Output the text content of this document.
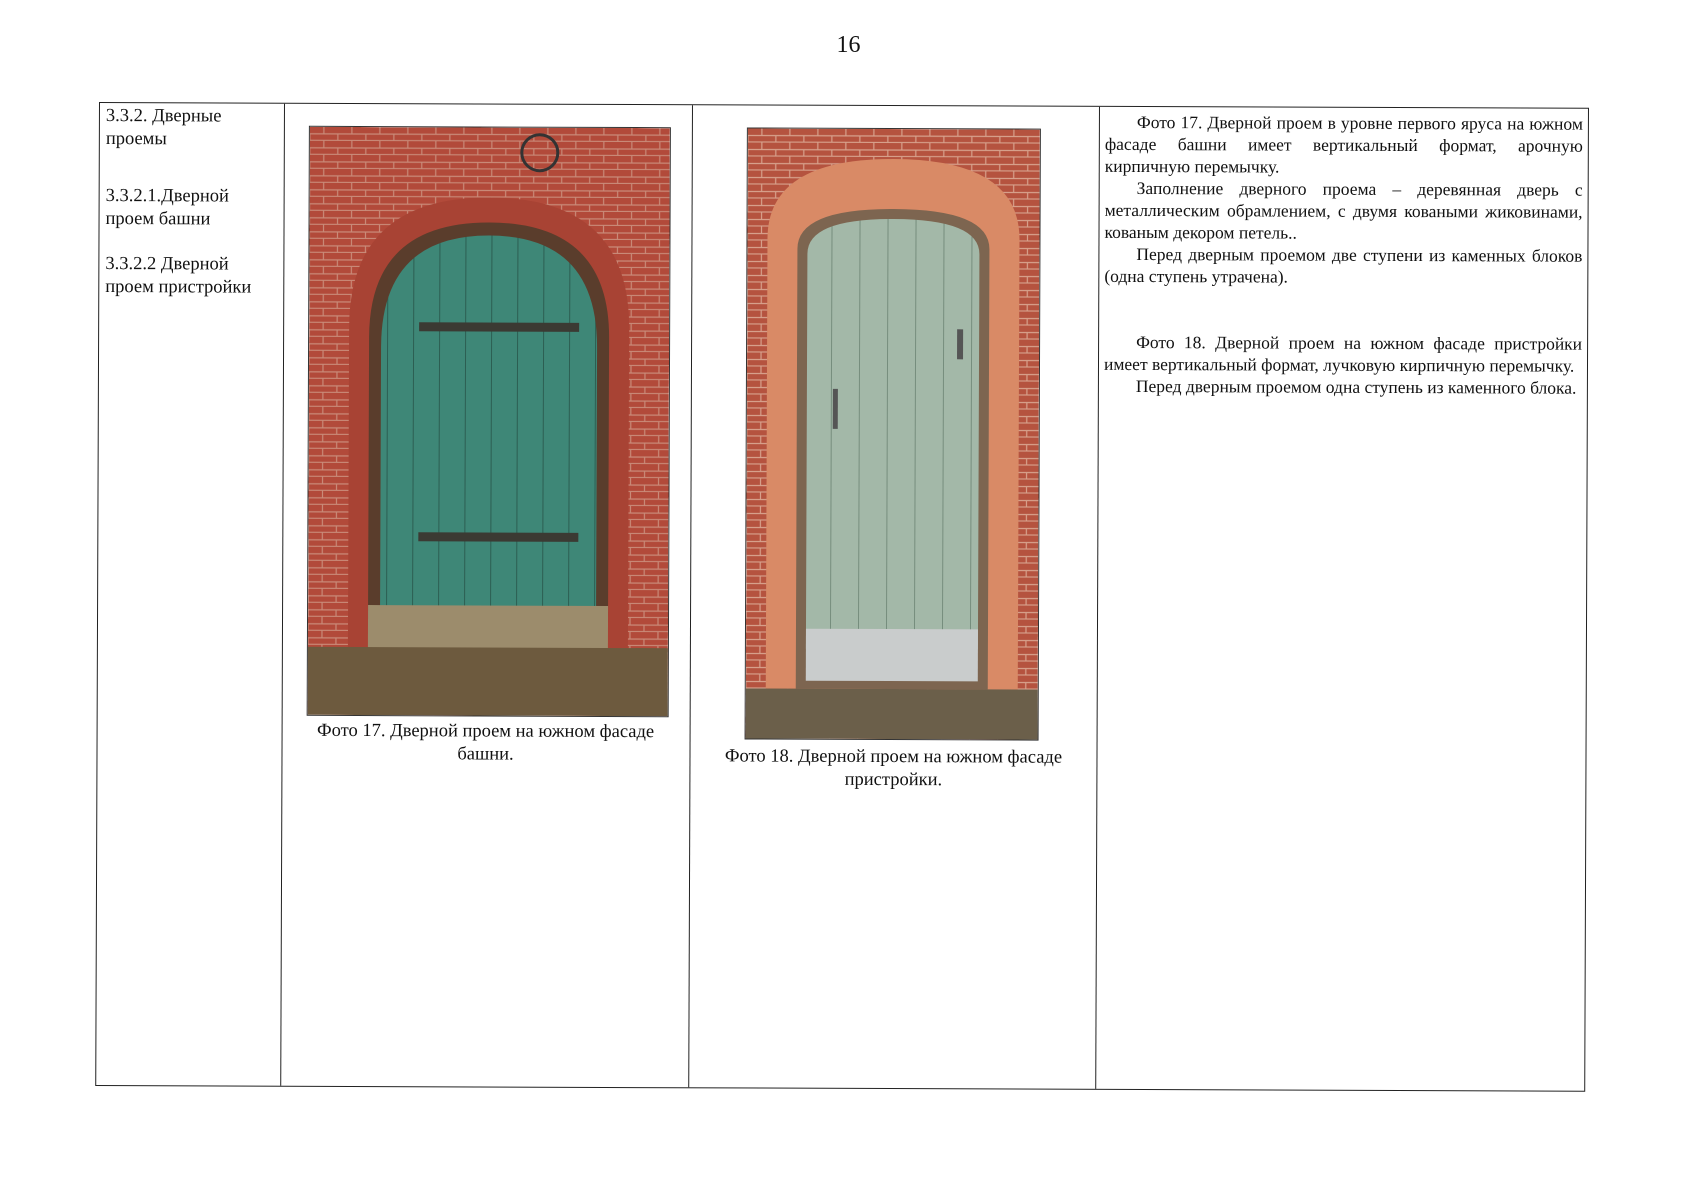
16

3.3.2. Дверные проемы

3.3.2.1.Дверной проем башни

3.3.2.2 Дверной проем пристройки

Фото 17. Дверной проем на южном фасаде башни.	Фото 18. Дверной проем на южном фасаде пристройки.

Фото 17. Дверной проем в уровне первого яруса на южном фасаде башни имеет вертикальный формат, арочную кирпичную перемычку.

Заполнение дверного проема – деревянная дверь с металлическим обрамлением, с двумя коваными жиковинами, кованым декором петель..

Перед дверным проемом две ступени из каменных блоков (одна ступень утрачена).

Фото 18. Дверной проем на южном фасаде пристройки имеет вертикальный формат, лучковую кирпичную перемычку.

Перед дверным проемом одна ступень из каменного блока.
